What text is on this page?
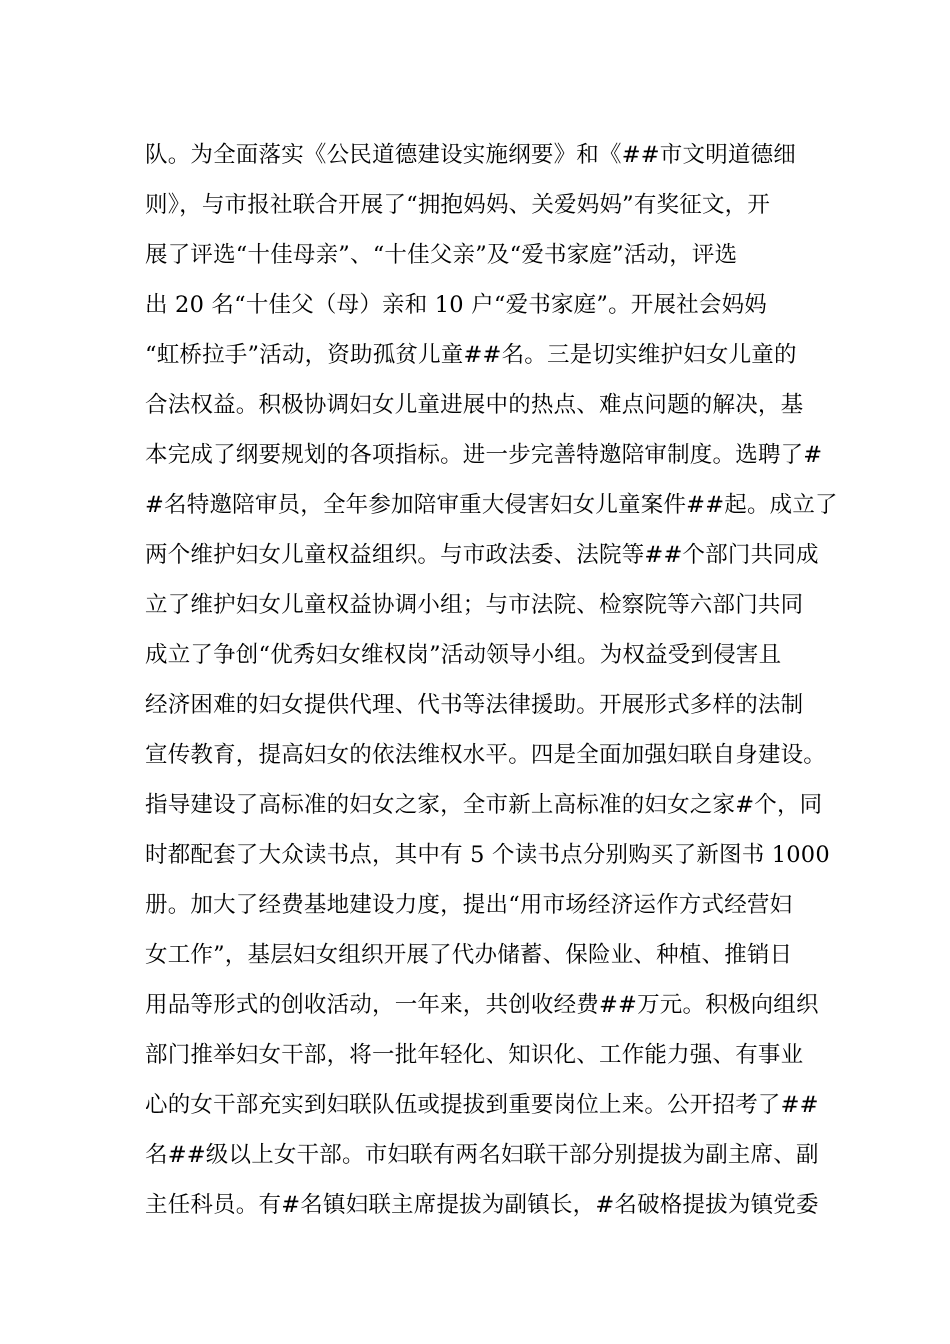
队。为全面落实《公民道德建设实施纲要》和《##市文明道德细
则》，与市报社联合开展了“拥抱妈妈、关爱妈妈”有奖征文，开
展了评选“十佳母亲”、“十佳父亲”及“爱书家庭”活动，评选
出 20 名“十佳父（母）亲和 10 户“爱书家庭”。开展社会妈妈
“虹桥拉手”活动，资助孤贫儿童##名。三是切实维护妇女儿童的
合法权益。积极协调妇女儿童进展中的热点、难点问题的解决，基
本完成了纲要规划的各项指标。进一步完善特邀陪审制度。选聘了#
#名特邀陪审员，全年参加陪审重大侵害妇女儿童案件##起。成立了
两个维护妇女儿童权益组织。与市政法委、法院等##个部门共同成
立了维护妇女儿童权益协调小组；与市法院、检察院等六部门共同
成立了争创“优秀妇女维权岗”活动领导小组。为权益受到侵害且
经济困难的妇女提供代理、代书等法律援助。开展形式多样的法制
宣传教育，提高妇女的依法维权水平。四是全面加强妇联自身建设。
指导建设了高标准的妇女之家，全市新上高标准的妇女之家#个，同
时都配套了大众读书点，其中有 5 个读书点分别购买了新图书 1000
册。加大了经费基地建设力度，提出“用市场经济运作方式经营妇
女工作”，基层妇女组织开展了代办储蓄、保险业、种植、推销日
用品等形式的创收活动，一年来，共创收经费##万元。积极向组织
部门推举妇女干部，将一批年轻化、知识化、工作能力强、有事业
心的女干部充实到妇联队伍或提拔到重要岗位上来。公开招考了##
名##级以上女干部。市妇联有两名妇联干部分别提拔为副主席、副
主任科员。有#名镇妇联主席提拔为副镇长，#名破格提拔为镇党委
